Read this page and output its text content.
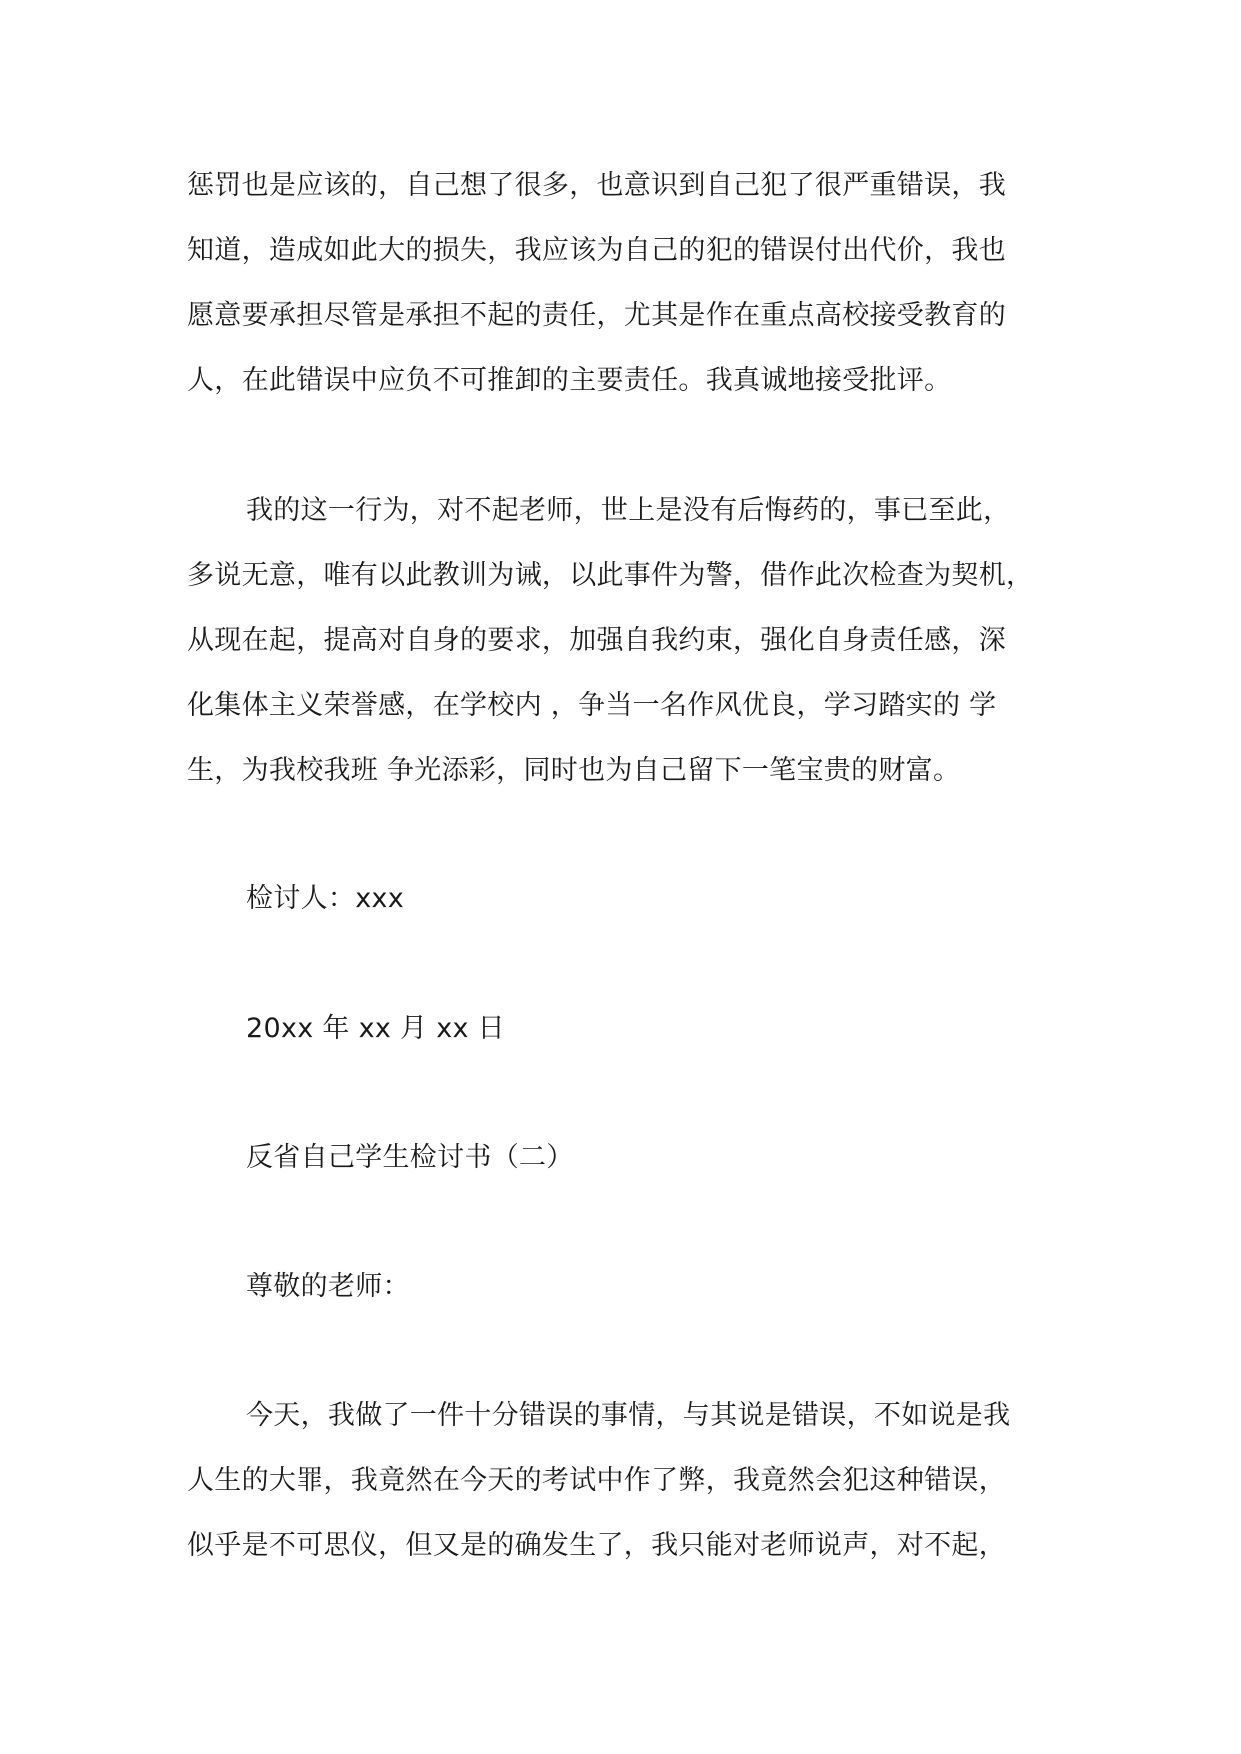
惩罚也是应该的，自己想了很多，也意识到自己犯了很严重错误，我
知道，造成如此大的损失，我应该为自己的犯的错误付出代价，我也
愿意要承担尽管是承担不起的责任，尤其是作在重点高校接受教育的
人，在此错误中应负不可推卸的主要责任。我真诚地接受批评。
我的这一行为，对不起老师，世上是没有后悔药的，事已至此，
多说无意，唯有以此教训为诫，以此事件为警，借作此次检查为契机，
从现在起，提高对自身的要求，加强自我约束，强化自身责任感，深
化集体主义荣誉感，在学校内 ，争当一名作风优良，学习踏实的 学
生，为我校我班 争光添彩，同时也为自己留下一笔宝贵的财富。
检讨人：xxx
20xx 年 xx 月 xx 日
反省自己学生检讨书（二）
尊敬的老师：
今天，我做了一件十分错误的事情，与其说是错误，不如说是我
人生的大罪，我竟然在今天的考试中作了弊，我竟然会犯这种错误，
似乎是不可思仪，但又是的确发生了，我只能对老师说声，对不起，
